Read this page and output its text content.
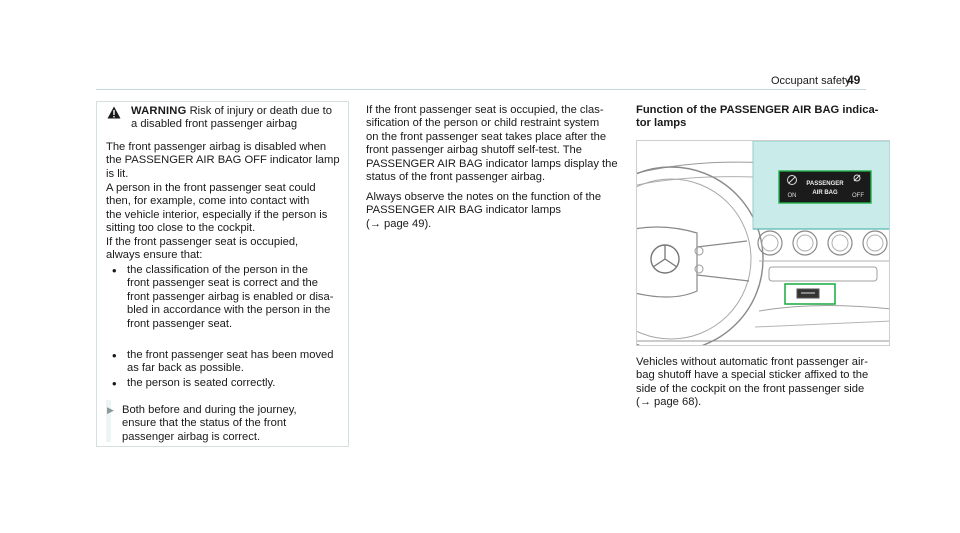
Occupant safety
49
WARNING Risk of injury or death due to
a disabled front passenger airbag
The front passenger airbag is disabled when
the PASSENGER AIR BAG OFF indicator lamp
is lit.
A person in the front passenger seat could
then, for example, come into contact with
the vehicle interior, especially if the person is
sitting too close to the cockpit.
If the front passenger seat is occupied,
always ensure that:
• the classification of the person in the
front passenger seat is correct and the
front passenger airbag is enabled or disa-
bled in accordance with the person in the
front passenger seat.
• the front passenger seat has been moved
as far back as possible.
• the person is seated correctly.
▶ Both before and during the journey,
ensure that the status of the front
passenger airbag is correct.
If the front passenger seat is occupied, the clas-
sification of the person or child restraint system
on the front passenger seat takes place after the
front passenger airbag shutoff self-test. The
PASSENGER AIR BAG indicator lamps display the
status of the front passenger airbag.
Always observe the notes on the function of the
PASSENGER AIR BAG indicator lamps
(→ page 49).
Function of the PASSENGER AIR BAG indica-
tor lamps
ON
PASSENGER
AIR BAG OFF
Vehicles without automatic front passenger air-
bag shutoff have a special sticker affixed to the
side of the cockpit on the front passenger side
(→ page 68).
